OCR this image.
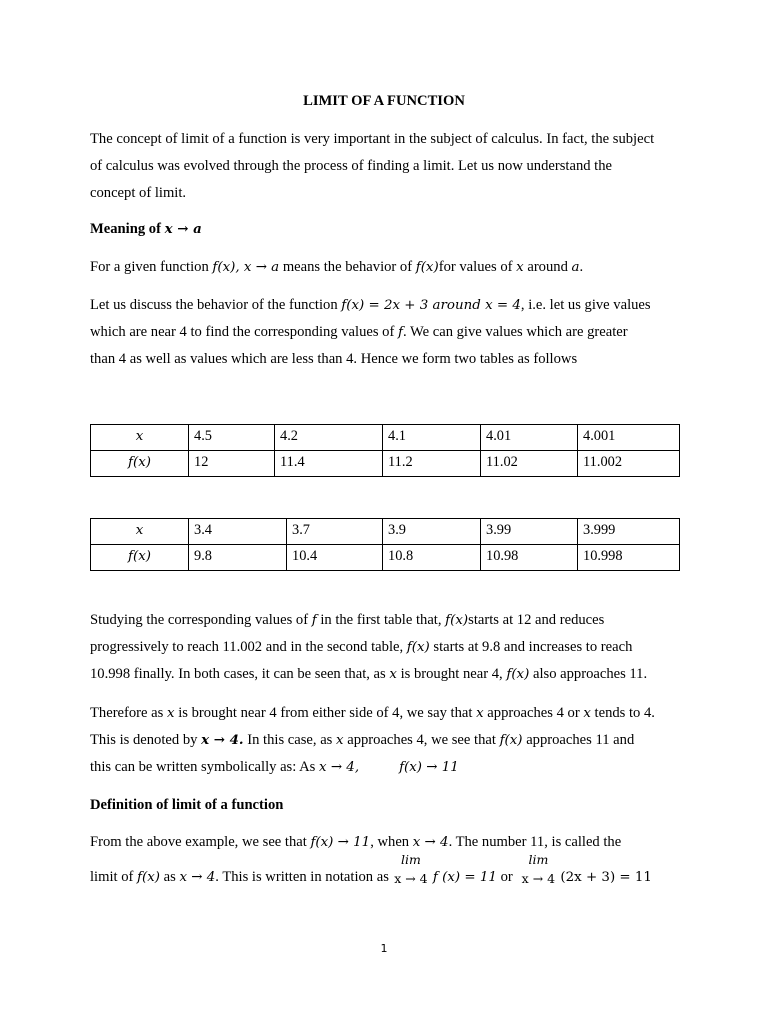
LIMIT OF A FUNCTION
The concept of limit of a function is very important in the subject of calculus. In fact, the subject
of calculus was evolved through the process of finding a limit. Let us now understand the
concept of limit.
Meaning of x → a
For a given function f(x), x → a means the behavior of f(x)for values of x around a.
Let us discuss the behavior of the function f(x) = 2x + 3 around x = 4, i.e. let us give values
which are near 4 to find the corresponding values of f. We can give values which are greater
than 4 as well as values which are less than 4. Hence we form two tables as follows
x	4.5	4.2	4.1	4.01	4.001
f(x)	12	11.4	11.2	11.02	11.002
x	3.4	3.7	3.9	3.99	3.999
f(x)	9.8	10.4	10.8	10.98	10.998
Studying the corresponding values of f in the first table that, f(x)starts at 12 and reduces
progressively to reach 11.002 and in the second table, f(x) starts at 9.8 and increases to reach
10.998 finally. In both cases, it can be seen that, as x is brought near 4, f(x) also approaches 11.
Therefore as x is brought near 4 from either side of 4, we say that x approaches 4 or x tends to 4.
This is denoted by x → 4. In this case, as x approaches 4, we see that f(x) approaches 11 and
this can be written symbolically as: As x → 4,	f(x) → 11
Definition of limit of a function
From the above example, we see that f(x) → 11, when x → 4. The number 11, is called the
limit of f(x) as x → 4. This is written in notation as
lim
x → 4 f (x) = 11 or
lim
x → 4 (2x + 3) = 11
1
